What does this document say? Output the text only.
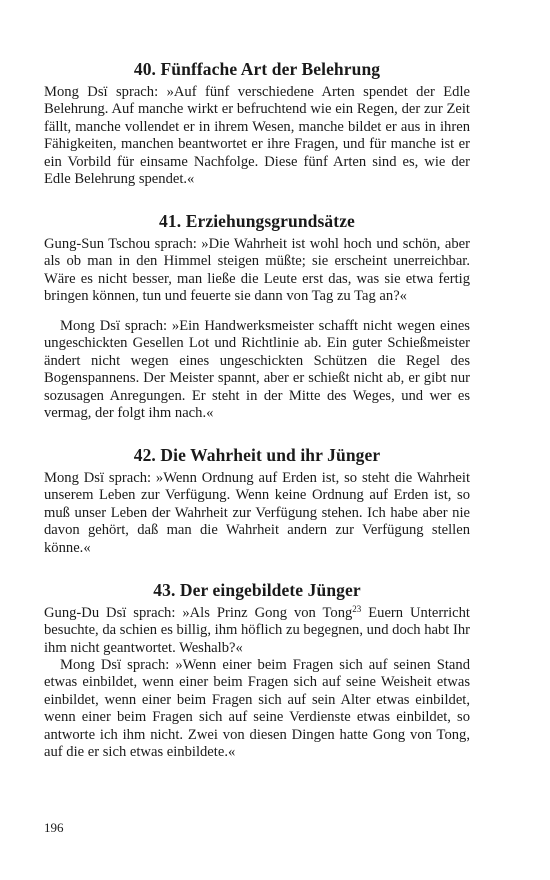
40. Fünffache Art der Belehrung

Mong Dsï sprach: »Auf fünf verschiedene Arten spendet der Edle Belehrung. Auf manche wirkt er befruchtend wie ein Regen, der zur Zeit fällt, manche vollendet er in ihrem Wesen, manche bildet er aus in ihren Fähigkeiten, manchen beantwortet er ihre Fragen, und für manche ist er ein Vorbild für einsame Nachfolge. Diese fünf Arten sind es, wie der Edle Belehrung spendet.«

41. Erziehungsgrundsätze

Gung-Sun Tschou sprach: »Die Wahrheit ist wohl hoch und schön, aber als ob man in den Himmel steigen müßte; sie erscheint unerreichbar. Wäre es nicht besser, man ließe die Leute erst das, was sie etwa fertig bringen können, tun und feuerte sie dann von Tag zu Tag an?«

Mong Dsï sprach: »Ein Handwerksmeister schafft nicht wegen eines ungeschickten Gesellen Lot und Richtlinie ab. Ein guter Schießmeister ändert nicht wegen eines ungeschickten Schützen die Regel des Bogenspannens. Der Meister spannt, aber er schießt nicht ab, er gibt nur sozusagen Anregungen. Er steht in der Mitte des Weges, und wer es vermag, der folgt ihm nach.«

42. Die Wahrheit und ihr Jünger

Mong Dsï sprach: »Wenn Ordnung auf Erden ist, so steht die Wahrheit unserem Leben zur Verfügung. Wenn keine Ordnung auf Erden ist, so muß unser Leben der Wahrheit zur Verfügung stehen. Ich habe aber nie davon gehört, daß man die Wahrheit andern zur Verfügung stellen könne.«

43. Der eingebildete Jünger

Gung-Du Dsï sprach: »Als Prinz Gong von Tong$^{23}$ Euern Unterricht besuchte, da schien es billig, ihm höflich zu begegnen, und doch habt Ihr ihm nicht geantwortet. Weshalb?«

Mong Dsï sprach: »Wenn einer beim Fragen sich auf seinen Stand etwas einbildet, wenn einer beim Fragen sich auf seine Weisheit etwas einbildet, wenn einer beim Fragen sich auf sein Alter etwas einbildet, wenn einer beim Fragen sich auf seine Verdienste etwas einbildet, so antworte ich ihm nicht. Zwei von diesen Dingen hatte Gong von Tong, auf die er sich etwas einbildete.«

196
